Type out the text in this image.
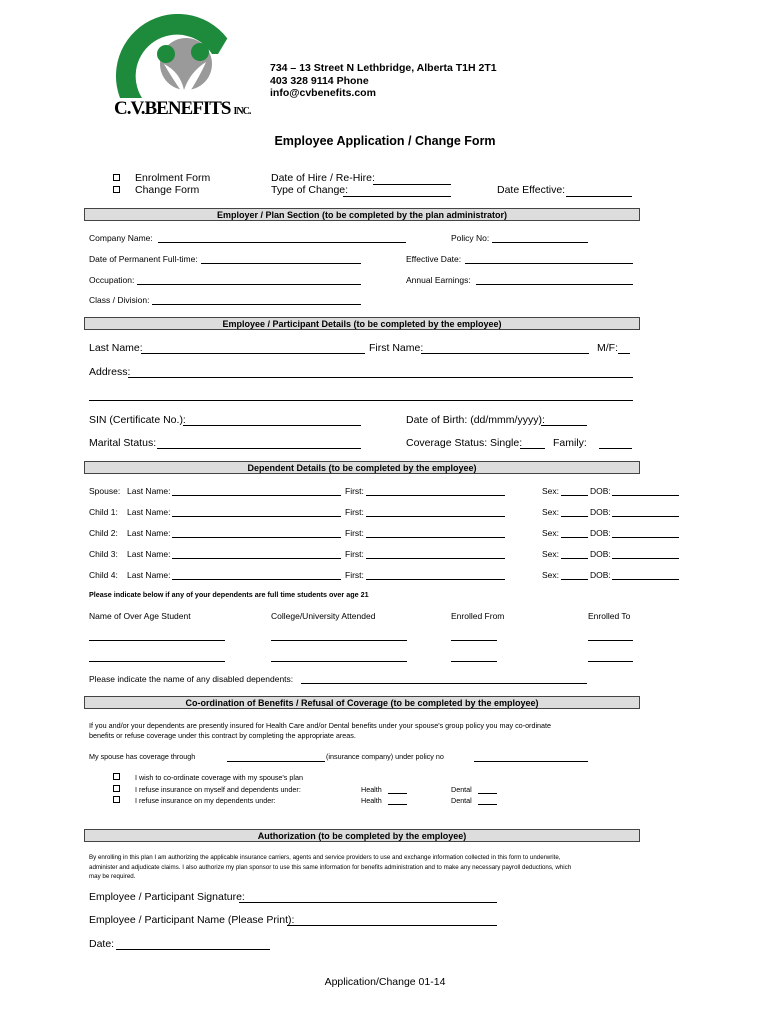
C.V.BENEFITS INC.
734 – 13 Street N Lethbridge, Alberta T1H 2T1
403 328 9114 Phone
info@cvbenefits.com
Employee Application / Change Form
Enrolment Form
Change Form
Date of Hire / Re-Hire:
Type of Change:	Date Effective:
Employer / Plan Section (to be completed by the plan administrator)
Company Name:	Policy No:
Date of Permanent Full-time:	Effective Date:
Occupation:	Annual Earnings:
Class / Division:
Employee / Participant Details (to be completed by the employee)
Last Name:	First Name:	M/F:
Address:
SIN (Certificate No.):	Date of Birth: (dd/mmm/yyyy):
Marital Status:	Coverage Status: Single:	Family:
Dependent Details (to be completed by the employee)
Spouse: Last Name:	First:	Sex:	DOB:
Child 1: Last Name:	First:	Sex:	DOB:
Child 2: Last Name:	First:	Sex:	DOB:
Child 3: Last Name:	First:	Sex:	DOB:
Child 4: Last Name:	First:	Sex:	DOB:
Please indicate below if any of your dependents are full time students over age 21
Name of Over Age Student	College/University Attended	Enrolled From	Enrolled To
Please indicate the name of any disabled dependents:
Co-ordination of Benefits / Refusal of Coverage (to be completed by the employee)
If you and/or your dependents are presently insured for Health Care and/or Dental benefits under your spouse's group policy you may co-ordinate
benefits or refuse coverage under this contract by completing the appropriate areas.
My spouse has coverage through	(insurance company) under policy no
I wish to co-ordinate coverage with my spouse's plan
I refuse insurance on myself and dependents under:
I refuse insurance on my dependents under:
Health	Dental
Health	Dental
Authorization (to be completed by the employee)
By enrolling in this plan I am authorizing the applicable insurance carriers, agents and service providers to use and exchange information collected in this form to underwrite,
administer and adjudicate claims. I also authorize my plan sponsor to use this same information for benefits administration and to make any necessary payroll deductions, which
may be required.
Employee / Participant Signature:
Employee / Participant Name (Please Print):
Date:
Application/Change 01-14
